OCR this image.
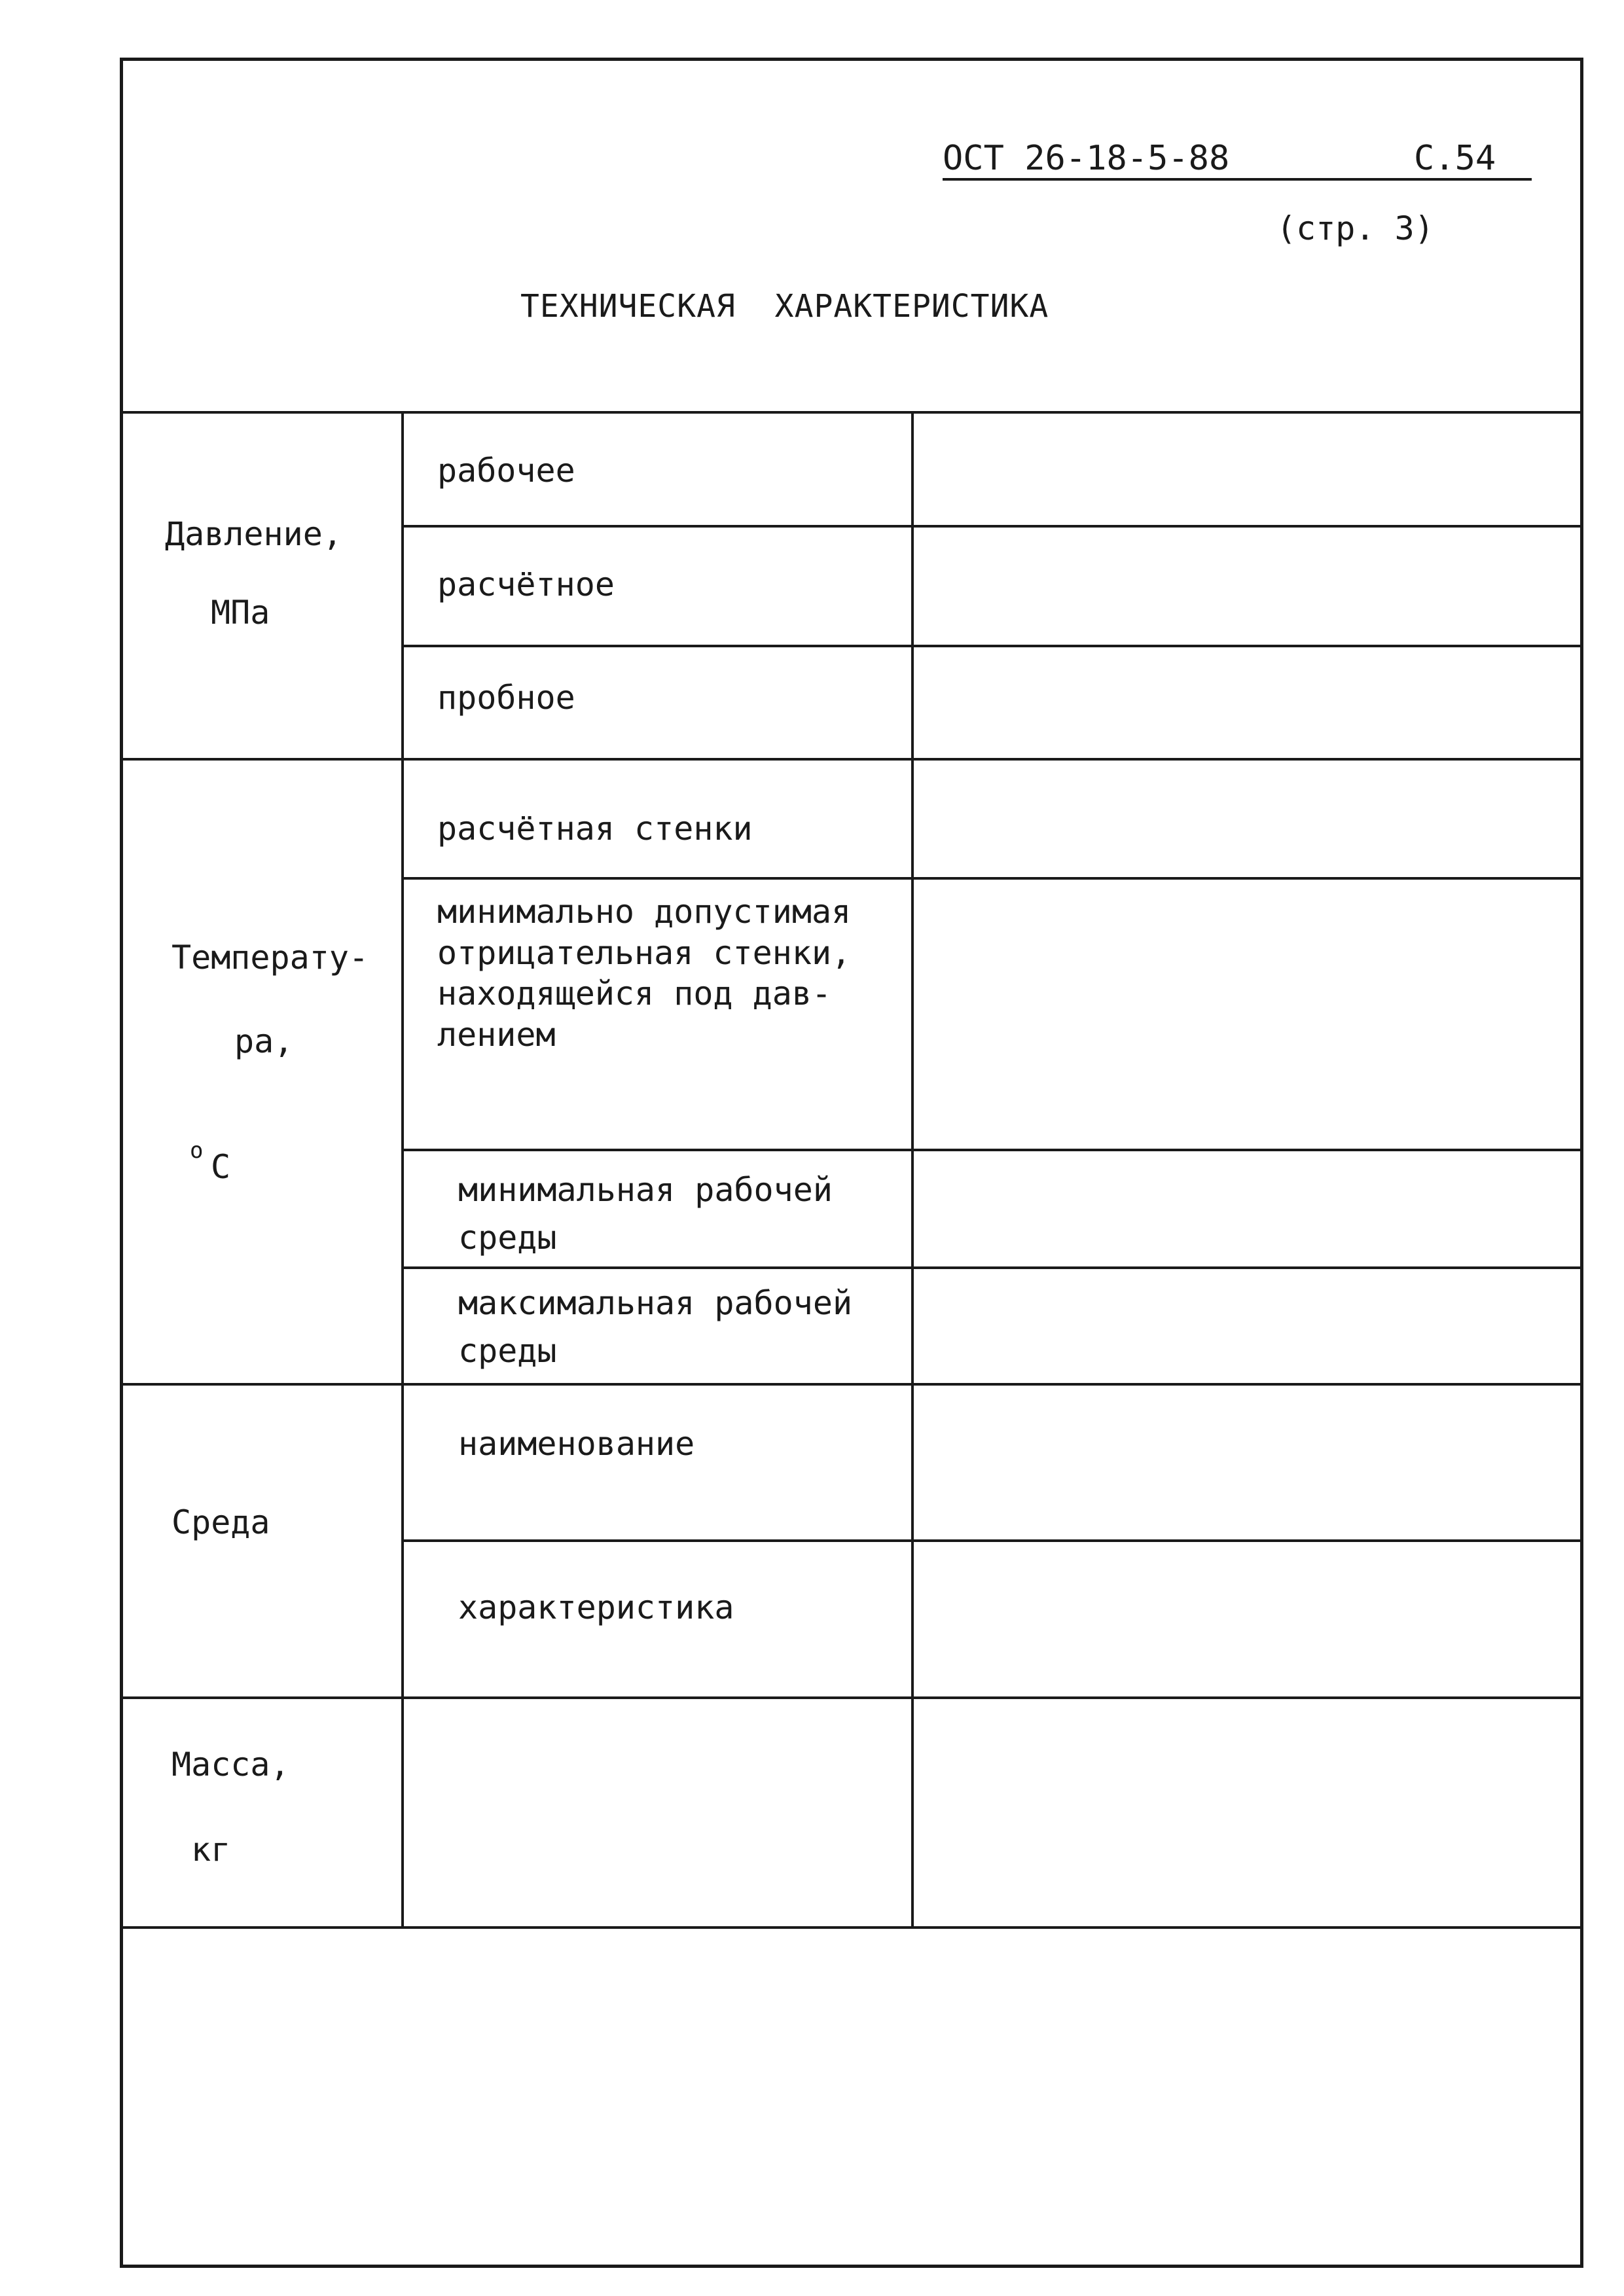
ОСТ 26-18-5-88	С.54
(стр. 3)
ТЕХНИЧЕСКАЯ  ХАРАКТЕРИСТИКА
Давление,
МПа
рабочее
расчётное
пробное
Температу-
ра,
о С
расчётная стенки
минимально допустимая
отрицательная стенки,
находящейся под дав-
лением
минимальная рабочей
среды
максимальная рабочей
среды
Среда
наименование
характеристика
Масса,
кг
